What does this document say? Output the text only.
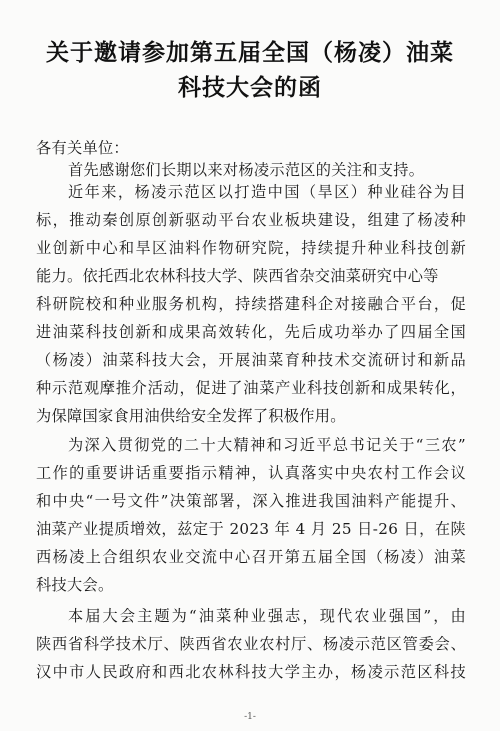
关于邀请参加第五届全国（杨凌）油菜
科技大会的函
各有关单位：
首先感谢您们长期以来对杨凌示范区的关注和支持。
近年来，杨凌示范区以打造中国（旱区）种业硅谷为目
标，推动秦创原创新驱动平台农业板块建设，组建了杨凌种
业创新中心和旱区油料作物研究院，持续提升种业科技创新
能力。依托西北农林科技大学、陕西省杂交油菜研究中心等
科研院校和种业服务机构，持续搭建科企对接融合平台，促
进油菜科技创新和成果高效转化，先后成功举办了四届全国
（杨凌）油菜科技大会，开展油菜育种技术交流研讨和新品
种示范观摩推介活动，促进了油菜产业科技创新和成果转化，
为保障国家食用油供给安全发挥了积极作用。
为深入贯彻党的二十大精神和习近平总书记关于“三农”
工作的重要讲话重要指示精神，认真落实中央农村工作会议
和中央“一号文件”决策部署，深入推进我国油料产能提升、
油菜产业提质增效，兹定于 2023 年 4 月 25 日-26 日，在陕
西杨凌上合组织农业交流中心召开第五届全国（杨凌）油菜
科技大会。
本届大会主题为“油菜种业强志，现代农业强国”，由
陕西省科学技术厅、陕西省农业农村厅、杨凌示范区管委会、
汉中市人民政府和西北农林科技大学主办，杨凌示范区科技
-1-
